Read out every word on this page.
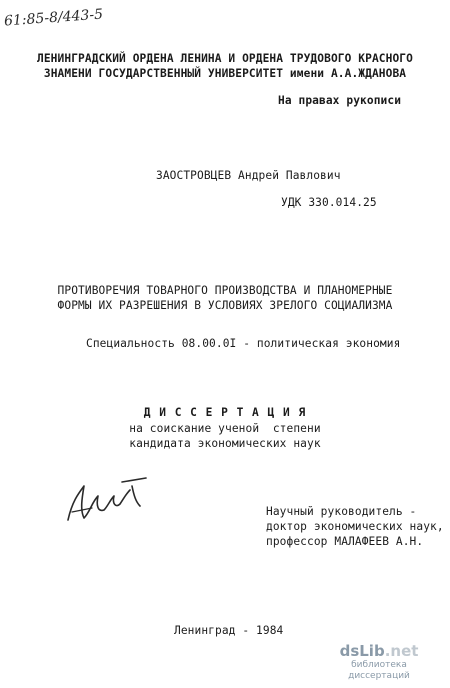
61:85-8/443-5
ЛЕНИНГРАДСКИЙ ОРДЕНА ЛЕНИНА И ОРДЕНА ТРУДОВОГО КРАСНОГО
ЗНАМЕНИ ГОСУДАРСТВЕННЫЙ УНИВЕРСИТЕТ имени А.А.ЖДАНОВА
На правах рукописи
ЗАОСТРОВЦЕВ Андрей Павлович
УДК 330.014.25
ПРОТИВОРЕЧИЯ ТОВАРНОГО ПРОИЗВОДСТВА И ПЛАНОМЕРНЫЕ
ФОРМЫ ИХ РАЗРЕШЕНИЯ В УСЛОВИЯХ ЗРЕЛОГО СОЦИАЛИЗМА
Специальность 08.00.0I - политическая экономия
Д И С С Е Р Т А Ц И Я
на соискание ученой  степени
кандидата экономических наук
Научный руководитель -
доктор экономических наук,
профессор МАЛАФЕЕВ А.Н.
Ленинград - 1984
dsLib.net
библиотека диссертаций
